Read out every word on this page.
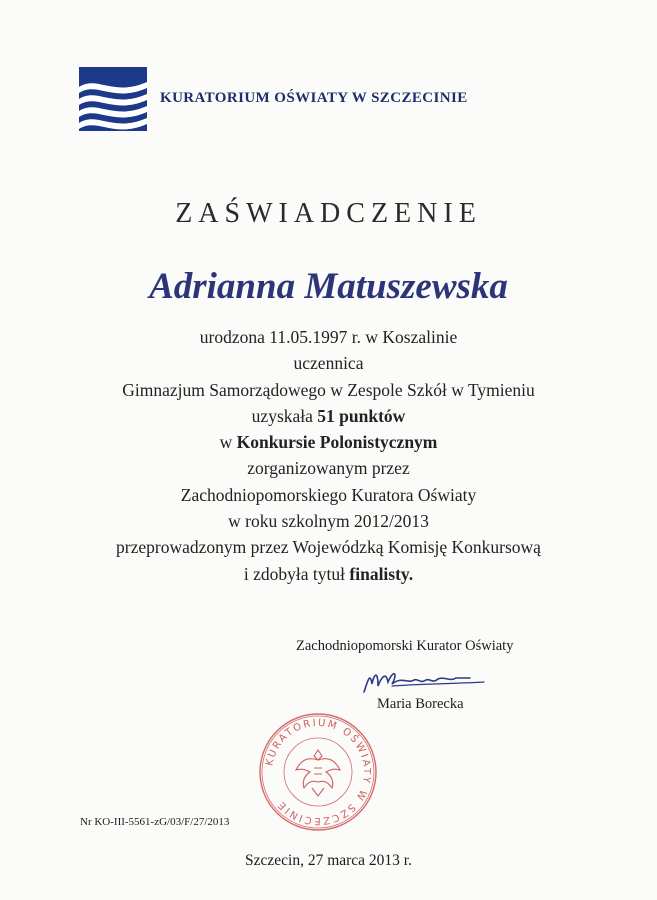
KURATORIUM OŚWIATY W SZCZECINIE
ZAŚWIADCZENIE
Adrianna Matuszewska
urodzona 11.05.1997 r. w Koszalinie
uczennica
Gimnazjum Samorządowego w Zespole Szkół w Tymieniu
uzyskała 51 punktów
w Konkursie Polonistycznym
zorganizowanym przez
Zachodniopomorskiego Kuratora Oświaty
w roku szkolnym 2012/2013
przeprowadzonym przez Wojewódzką Komisję Konkursową
i zdobyła tytuł finalisty.
Zachodniopomorski Kurator Oświaty
Maria Borecka
KURATORIUM OŚWIATY W SZCZECINIE
Nr KO-III-5561-zG/03/F/27/2013
Szczecin, 27 marca 2013 r.
